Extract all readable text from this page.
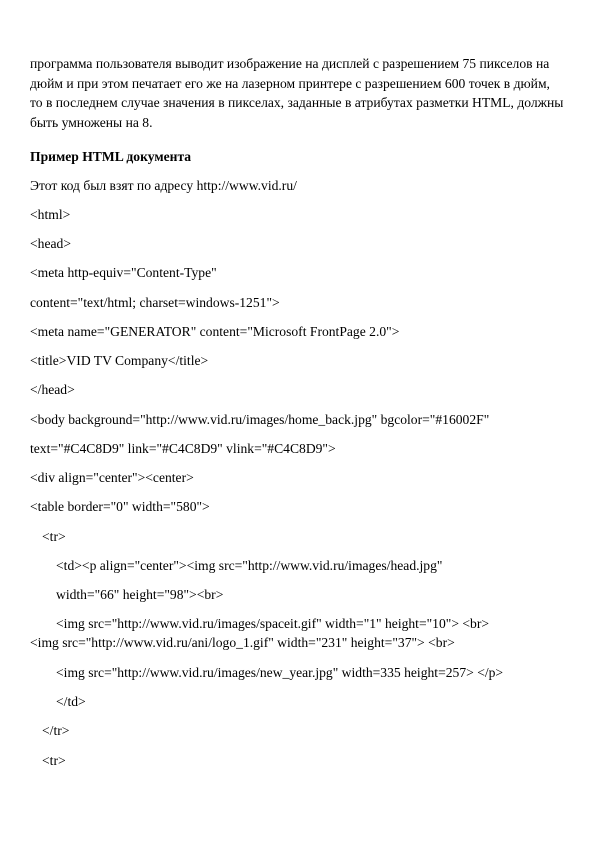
программа пользователя выводит изображение на дисплей с разрешением 75 пикселов на
дюйм и при этом печатает его же на лазерном принтере с разрешением 600 точек в дюйм,
то в последнем случае значения в пикселах, заданные в атрибутах разметки HTML, должны
быть умножены на 8.
Пример HTML документа
Этот код был взят по адресу http://www.vid.ru/
<html>
<head>
<meta http-equiv="Content-Type"
content="text/html; charset=windows-1251">
<meta name="GENERATOR" content="Microsoft FrontPage 2.0">
<title>VID TV Company</title>
</head>
<body background="http://www.vid.ru/images/home_back.jpg" bgcolor="#16002F"
text="#C4C8D9" link="#C4C8D9" vlink="#C4C8D9">
<div align="center"><center>
<table border="0" width="580">
<tr>
<td><p align="center"><img src="http://www.vid.ru/images/head.jpg"
width="66" height="98"><br>
<img src="http://www.vid.ru/images/spaceit.gif" width="1" height="10"> <br>
<img src="http://www.vid.ru/ani/logo_1.gif" width="231" height="37"> <br>
<img src="http://www.vid.ru/images/new_year.jpg" width=335 height=257> </p>
</td>
</tr>
<tr>
